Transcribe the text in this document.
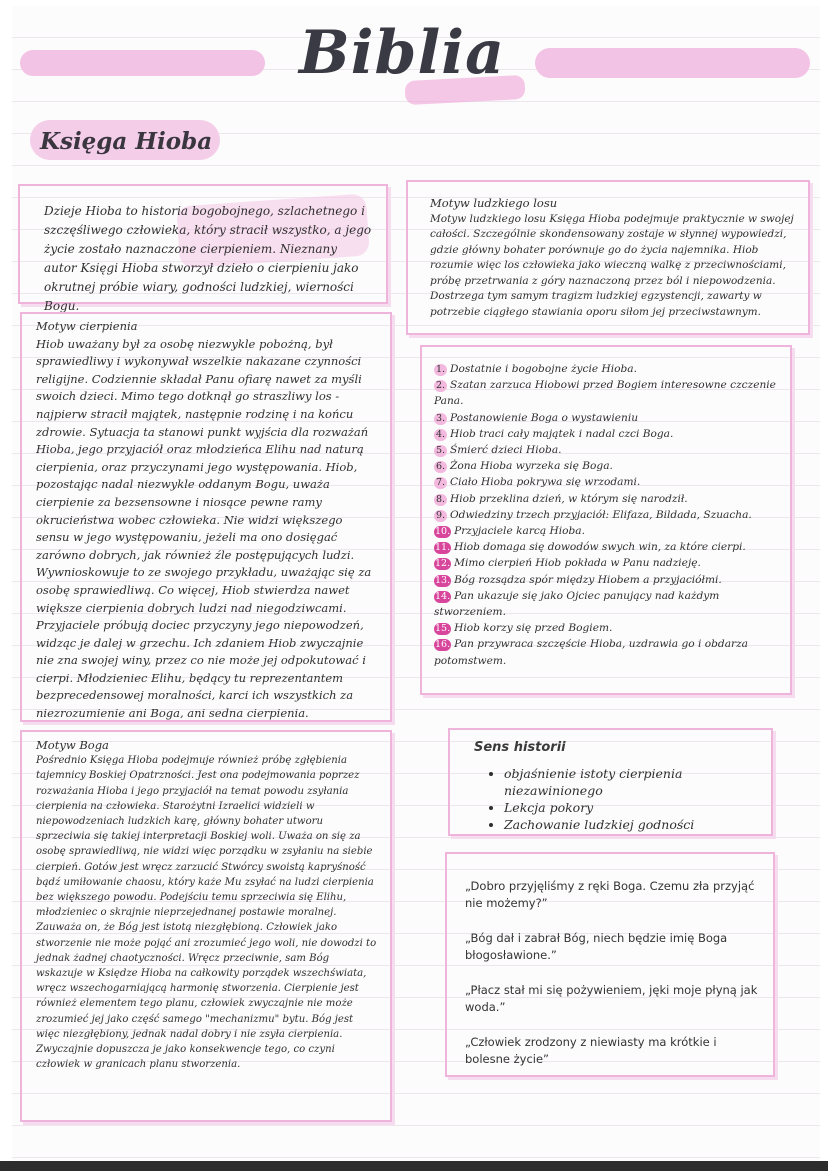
Biblia
Księga Hioba

Dzieje Hioba to historia bogobojnego, szlachetnego i szczęśliwego człowieka, który stracił wszystko, a jego życie zostało naznaczone cierpieniem. Nieznany autor Księgi Hioba stworzył dzieło o cierpieniu jako okrutnej próbie wiary, godności ludzkiej, wierności Bogu.

Motyw ludzkiego losu

Motyw ludzkiego losu Księga Hioba podejmuje praktycznie w swojej całości. Szczególnie skondensowany zostaje w słynnej wypowiedzi, gdzie główny bohater porównuje go do życia najemnika. Hiob rozumie więc los człowieka jako wieczną walkę z przeciwnościami, próbę przetrwania z góry naznaczoną przez ból i niepowodzenia. Dostrzega tym samym tragizm ludzkiej egzystencji, zawarty w potrzebie ciągłego stawiania oporu siłom jej przeciwstawnym.

Motyw cierpienia

Hiob uważany był za osobę niezwykle pobożną, był sprawiedliwy i wykonywał wszelkie nakazane czynności religijne. Codziennie składał Panu ofiarę nawet za myśli swoich dzieci. Mimo tego dotknął go straszliwy los - najpierw stracił majątek, następnie rodzinę i na końcu zdrowie. Sytuacja ta stanowi punkt wyjścia dla rozważań Hioba, jego przyjaciół oraz młodzieńca Elihu nad naturą cierpienia, oraz przyczynami jego występowania. Hiob, pozostając nadal niezwykle oddanym Bogu, uważa cierpienie za bezsensowne i niosące pewne ramy okrucieństwa wobec człowieka. Nie widzi większego sensu w jego występowaniu, jeżeli ma ono dosięgać zarówno dobrych, jak również źle postępujących ludzi. Wywnioskowuje to ze swojego przykładu, uważając się za osobę sprawiedliwą. Co więcej, Hiob stwierdza nawet większe cierpienia dobrych ludzi nad niegodziwcami. Przyjaciele próbują dociec przyczyny jego niepowodzeń, widząc je dalej w grzechu. Ich zdaniem Hiob zwyczajnie nie zna swojej winy, przez co nie może jej odpokutować i cierpi. Młodzieniec Elihu, będący tu reprezentantem bezprecedensowej moralności, karci ich wszystkich za niezrozumienie ani Boga, ani sedna cierpienia.

1. Dostatnie i bogobojne życie Hioba.
2. Szatan zarzuca Hiobowi przed Bogiem interesowne czczenie Pana.
3. Postanowienie Boga o wystawieniu
4. Hiob traci cały majątek i nadal czci Boga.
5. Śmierć dzieci Hioba.
6. Żona Hioba wyrzeka się Boga.
7. Ciało Hioba pokrywa się wrzodami.
8. Hiob przeklina dzień, w którym się narodził.
9. Odwiedziny trzech przyjaciół: Elifaza, Bildada, Szuacha.
10. Przyjaciele karcą Hioba.
11. Hiob domaga się dowodów swych win, za które cierpi.
12. Mimo cierpień Hiob pokłada w Panu nadzieję.
13. Bóg rozsądza spór między Hiobem a przyjaciółmi.
14. Pan ukazuje się jako Ojciec panujący nad każdym stworzeniem.
15. Hiob korzy się przed Bogiem.
16. Pan przywraca szczęście Hioba, uzdrawia go i obdarza potomstwem.
Motyw Boga

Pośrednio Księga Hioba podejmuje również próbę zgłębienia tajemnicy Boskiej Opatrzności. Jest ona podejmowania poprzez rozważania Hioba i jego przyjaciół na temat powodu zsyłania cierpienia na człowieka. Starożytni Izraelici widzieli w niepowodzeniach ludzkich karę, główny bohater utworu sprzeciwia się takiej interpretacji Boskiej woli. Uważa on się za osobę sprawiedliwą, nie widzi więc porządku w zsyłaniu na siebie cierpień. Gotów jest wręcz zarzucić Stwórcy swoistą kapryśność bądź umiłowanie chaosu, który każe Mu zsyłać na ludzi cierpienia bez większego powodu. Podejściu temu sprzeciwia się Elihu, młodzieniec o skrajnie nieprzejednanej postawie moralnej. Zauważa on, że Bóg jest istotą niezgłębioną. Człowiek jako stworzenie nie może pojąć ani zrozumieć jego woli, nie dowodzi to jednak żadnej chaotyczności. Wręcz przeciwnie, sam Bóg wskazuje w Księdze Hioba na całkowity porządek wszechświata, wręcz wszechogarniającą harmonię stworzenia. Cierpienie jest również elementem tego planu, człowiek zwyczajnie nie może zrozumieć jej jako część samego "mechanizmu" bytu. Bóg jest więc niezgłębiony, jednak nadal dobry i nie zsyła cierpienia. Zwyczajnie dopuszcza je jako konsekwencje tego, co czyni człowiek w granicach planu stworzenia.

Sens historii
• objaśnienie istoty cierpienia niezawinionego
• Lekcja pokory
• Zachowanie ludzkiej godności

„Dobro przyjęliśmy z ręki Boga. Czemu zła przyjąć nie możemy?”

„Bóg dał i zabrał Bóg, niech będzie imię Boga błogosławione.”

„Płacz stał mi się pożywieniem, jęki moje płyną jak woda.”

„Człowiek zrodzony z niewiasty ma krótkie i bolesne życie”
